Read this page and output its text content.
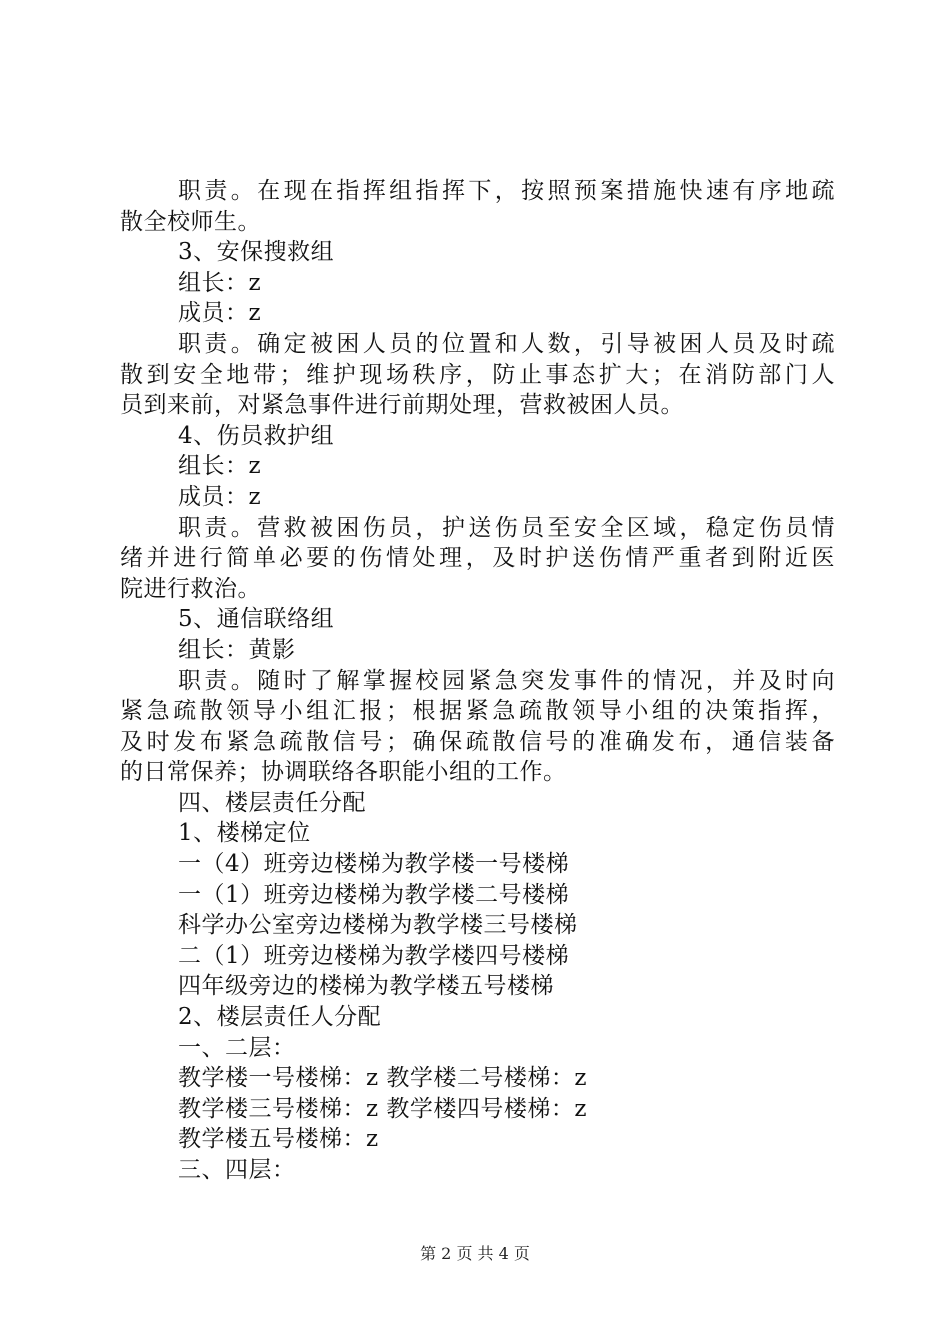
职责。在现在指挥组指挥下，按照预案措施快速有序地疏
散全校师生。
3、安保搜救组
组长：z
成员：z
职责。确定被困人员的位置和人数，引导被困人员及时疏
散到安全地带；维护现场秩序，防止事态扩大；在消防部门人
员到来前，对紧急事件进行前期处理，营救被困人员。
4、伤员救护组
组长：z
成员：z
职责。营救被困伤员，护送伤员至安全区域，稳定伤员情
绪并进行简单必要的伤情处理，及时护送伤情严重者到附近医
院进行救治。
5、通信联络组
组长：黄影
职责。随时了解掌握校园紧急突发事件的情况，并及时向
紧急疏散领导小组汇报；根据紧急疏散领导小组的决策指挥，
及时发布紧急疏散信号；确保疏散信号的准确发布，通信装备
的日常保养；协调联络各职能小组的工作。
四、楼层责任分配
1、楼梯定位
一（4）班旁边楼梯为教学楼一号楼梯
一（1）班旁边楼梯为教学楼二号楼梯
科学办公室旁边楼梯为教学楼三号楼梯
二（1）班旁边楼梯为教学楼四号楼梯
四年级旁边的楼梯为教学楼五号楼梯
2、楼层责任人分配
一、二层：
教学楼一号楼梯：z 教学楼二号楼梯：z
教学楼三号楼梯：z 教学楼四号楼梯：z
教学楼五号楼梯：z
三、四层：
第 2 页 共 4 页
